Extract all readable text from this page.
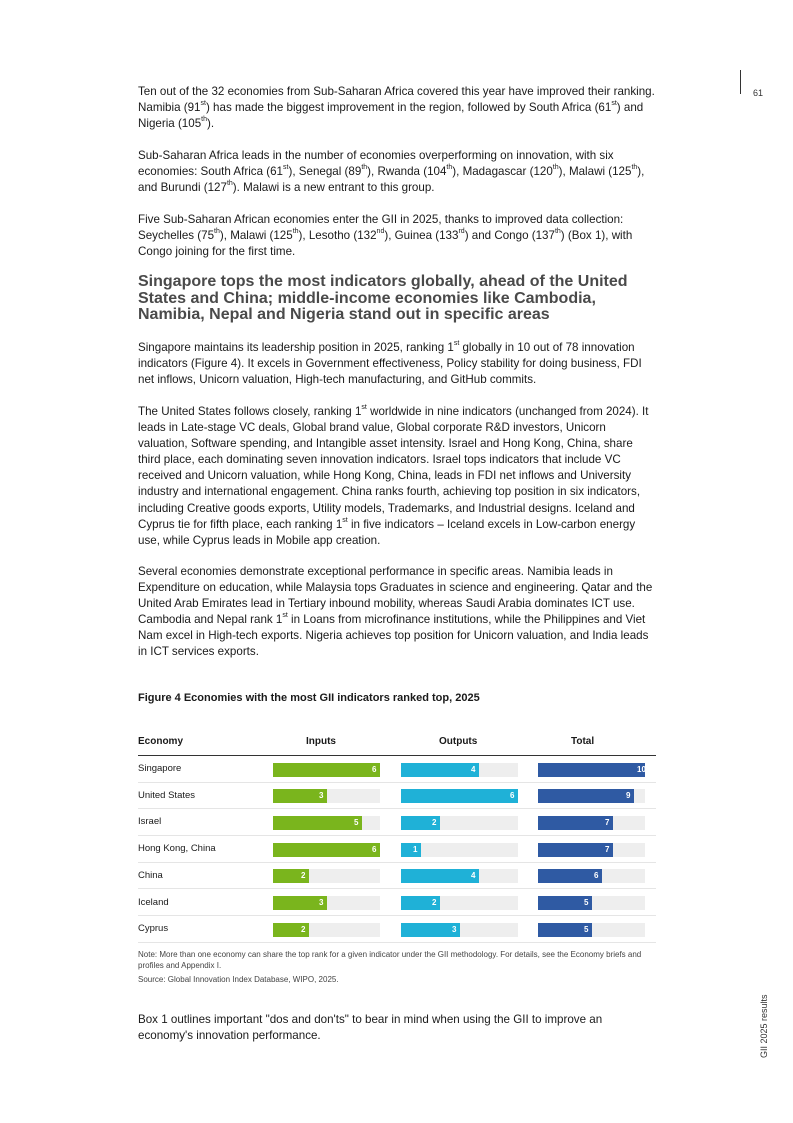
61
GII 2025 results

Ten out of the 32 economies from Sub-Saharan Africa covered this year have improved their ranking. Namibia (91st) has made the biggest improvement in the region, followed by South Africa (61st) and Nigeria (105th).

Sub-Saharan Africa leads in the number of economies overperforming on innovation, with six economies: South Africa (61st), Senegal (89th), Rwanda (104th), Madagascar (120th), Malawi (125th), and Burundi (127th). Malawi is a new entrant to this group.

Five Sub-Saharan African economies enter the GII in 2025, thanks to improved data collection: Seychelles (75th), Malawi (125th), Lesotho (132nd), Guinea (133rd) and Congo (137th) (Box 1), with Congo joining for the first time.

Singapore tops the most indicators globally, ahead of the United States and China; middle-income economies like Cambodia, Namibia, Nepal and Nigeria stand out in specific areas

Singapore maintains its leadership position in 2025, ranking 1st globally in 10 out of 78 innovation indicators (Figure 4). It excels in Government effectiveness, Policy stability for doing business, FDI net inflows, Unicorn valuation, High-tech manufacturing, and GitHub commits.

The United States follows closely, ranking 1st worldwide in nine indicators (unchanged from 2024). It leads in Late-stage VC deals, Global brand value, Global corporate R&D investors, Unicorn valuation, Software spending, and Intangible asset intensity. Israel and Hong Kong, China, share third place, each dominating seven innovation indicators. Israel tops indicators that include VC received and Unicorn valuation, while Hong Kong, China, leads in FDI net inflows and University industry and international engagement. China ranks fourth, achieving top position in six indicators, including Creative goods exports, Utility models, Trademarks, and Industrial designs. Iceland and Cyprus tie for fifth place, each ranking 1st in five indicators – Iceland excels in Low-carbon energy use, while Cyprus leads in Mobile app creation.

Several economies demonstrate exceptional performance in specific areas. Namibia leads in Expenditure on education, while Malaysia tops Graduates in science and engineering. Qatar and the United Arab Emirates lead in Tertiary inbound mobility, whereas Saudi Arabia dominates ICT use. Cambodia and Nepal rank 1st in Loans from microfinance institutions, while the Philippines and Viet Nam excel in High-tech exports. Nigeria achieves top position for Unicorn valuation, and India leads in ICT services exports.

Figure 4 Economies with the most GII indicators ranked top, 2025
Economy	Inputs	Outputs	Total
Singapore	6	4	10
United States	3	6	9
Israel	5	2	7
Hong Kong, China	6	1	7
China	2	4	6
Iceland	3	2	5
Cyprus	2	3	5
Note: More than one economy can share the top rank for a given indicator under the GII methodology. For details, see the Economy briefs and profiles and Appendix I.
Source: Global Innovation Index Database, WIPO, 2025.

Box 1 outlines important "dos and don'ts" to bear in mind when using the GII to improve an economy's innovation performance.
